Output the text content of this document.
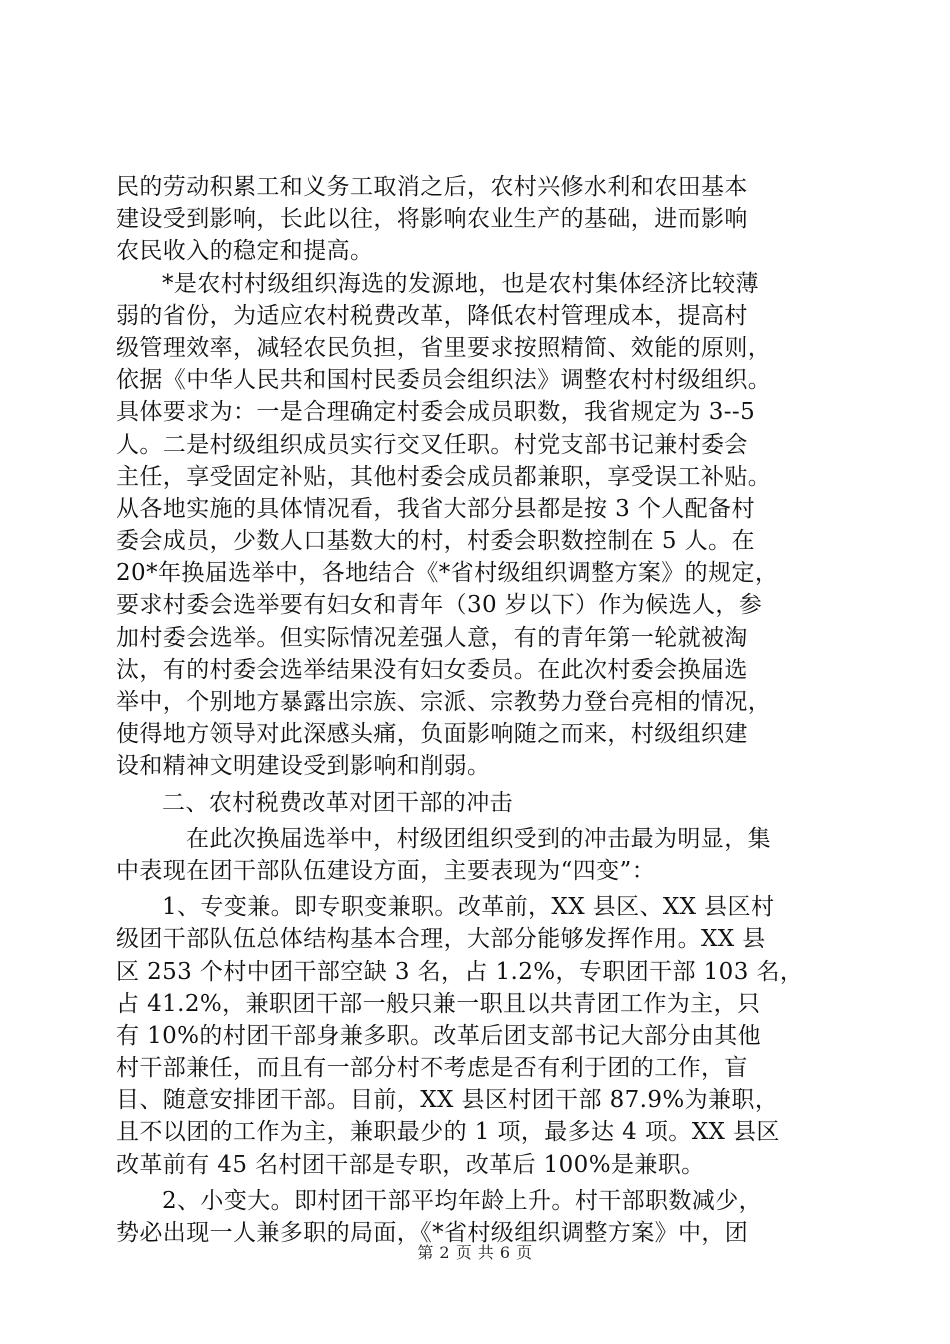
民的劳动积累工和义务工取消之后，农村兴修水利和农田基本
建设受到影响，长此以往，将影响农业生产的基础，进而影响
农民收入的稳定和提高。
*是农村村级组织海选的发源地，也是农村集体经济比较薄
弱的省份，为适应农村税费改革，降低农村管理成本，提高村
级管理效率，减轻农民负担，省里要求按照精简、效能的原则，
依据《中华人民共和国村民委员会组织法》调整农村村级组织。
具体要求为：一是合理确定村委会成员职数，我省规定为 3--5
人。二是村级组织成员实行交叉任职。村党支部书记兼村委会
主任，享受固定补贴，其他村委会成员都兼职，享受误工补贴。
从各地实施的具体情况看，我省大部分县都是按 3 个人配备村
委会成员，少数人口基数大的村，村委会职数控制在 5 人。在
20*年换届选举中，各地结合《*省村级组织调整方案》的规定，
要求村委会选举要有妇女和青年（30 岁以下）作为候选人，参
加村委会选举。但实际情况差强人意，有的青年第一轮就被淘
汰，有的村委会选举结果没有妇女委员。在此次村委会换届选
举中，个别地方暴露出宗族、宗派、宗教势力登台亮相的情况，
使得地方领导对此深感头痛，负面影响随之而来，村级组织建
设和精神文明建设受到影响和削弱。
二、农村税费改革对团干部的冲击
在此次换届选举中，村级团组织受到的冲击最为明显，集
中表现在团干部队伍建设方面，主要表现为“四变”：
1、专变兼。即专职变兼职。改革前，XX 县区、XX 县区村
级团干部队伍总体结构基本合理，大部分能够发挥作用。XX 县
区 253 个村中团干部空缺 3 名，占 1.2%，专职团干部 103 名，
占 41.2%，兼职团干部一般只兼一职且以共青团工作为主，只
有 10%的村团干部身兼多职。改革后团支部书记大部分由其他
村干部兼任，而且有一部分村不考虑是否有利于团的工作，盲
目、随意安排团干部。目前，XX 县区村团干部 87.9%为兼职，
且不以团的工作为主，兼职最少的 1 项，最多达 4 项。XX 县区
改革前有 45 名村团干部是专职，改革后 100%是兼职。
2、小变大。即村团干部平均年龄上升。村干部职数减少，
势必出现一人兼多职的局面，《*省村级组织调整方案》中，团
第 2 页 共 6 页
